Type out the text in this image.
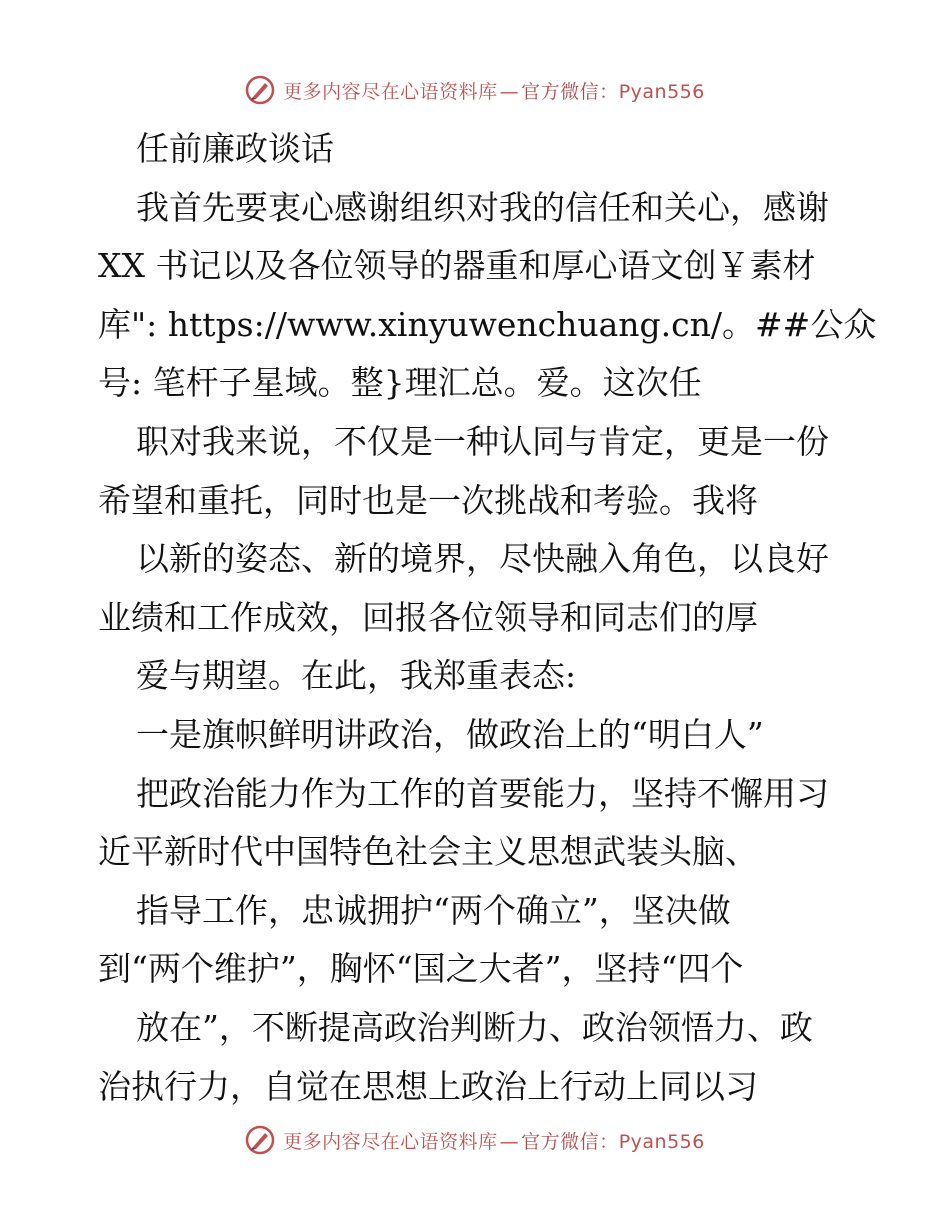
更多内容尽在心语资料库 — 官方微信：Pyan556
任前廉政谈话
我首先要衷心感谢组织对我的信任和关心，感谢
XX 书记以及各位领导的器重和厚心语文创￥素材
库": https://www.xinyuwenchuang.cn/。##公众
号: 笔杆子星域。整}理汇总。爱。这次任
职对我来说，不仅是一种认同与肯定，更是一份
希望和重托，同时也是一次挑战和考验。我将
以新的姿态、新的境界，尽快融入角色，以良好
业绩和工作成效，回报各位领导和同志们的厚
爱与期望。在此，我郑重表态:
一是旗帜鲜明讲政治，做政治上的“明白人”
把政治能力作为工作的首要能力，坚持不懈用习
近平新时代中国特色社会主义思想武装头脑、
指导工作，忠诚拥护“两个确立”，坚决做
到“两个维护”，胸怀“国之大者”，坚持“四个
放在”，不断提高政治判断力、政治领悟力、政
治执行力，自觉在思想上政治上行动上同以习
更多内容尽在心语资料库 — 官方微信：Pyan556
